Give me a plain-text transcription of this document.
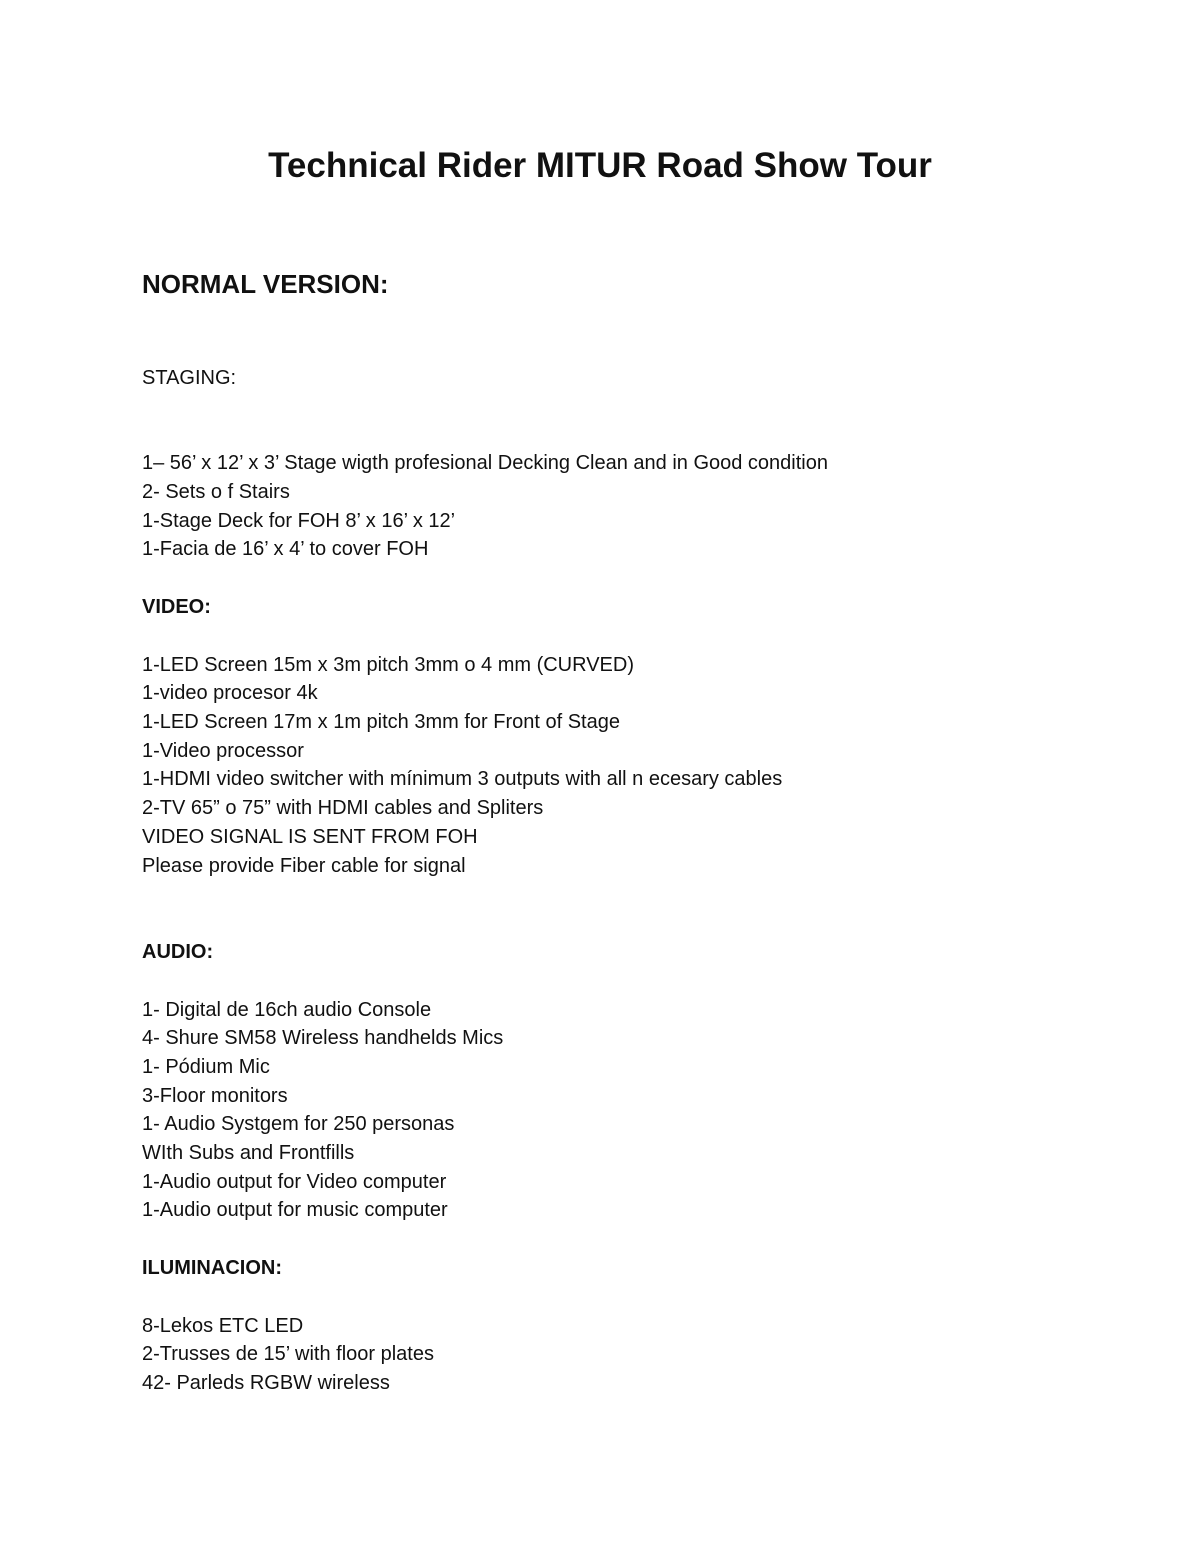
Technical Rider MITUR Road Show Tour
NORMAL VERSION:

STAGING:

1– 56’ x 12’ x 3’ Stage wigth profesional Decking Clean and in Good condition

2- Sets o f Stairs

1-Stage Deck for FOH 8’ x 16’ x 12’

1-Facia de 16’ x 4’ to cover FOH

VIDEO:

1-LED Screen 15m x 3m pitch 3mm o 4 mm (CURVED)

1-video procesor 4k

1-LED Screen 17m x 1m pitch 3mm for Front of Stage

1-Video processor

1-HDMI video switcher with mínimum 3 outputs with all n ecesary cables

2-TV 65” o 75” with HDMI cables and Spliters

VIDEO SIGNAL IS SENT FROM FOH

Please provide Fiber cable for signal

AUDIO:

1- Digital de 16ch audio Console

4- Shure SM58 Wireless handhelds Mics

1- Pódium Mic

3-Floor monitors

1- Audio Systgem for 250 personas

WIth Subs and Frontfills

1-Audio output for Video computer

1-Audio output for music computer

ILUMINACION:

8-Lekos ETC LED

2-Trusses de 15’ with floor plates

42- Parleds RGBW wireless
